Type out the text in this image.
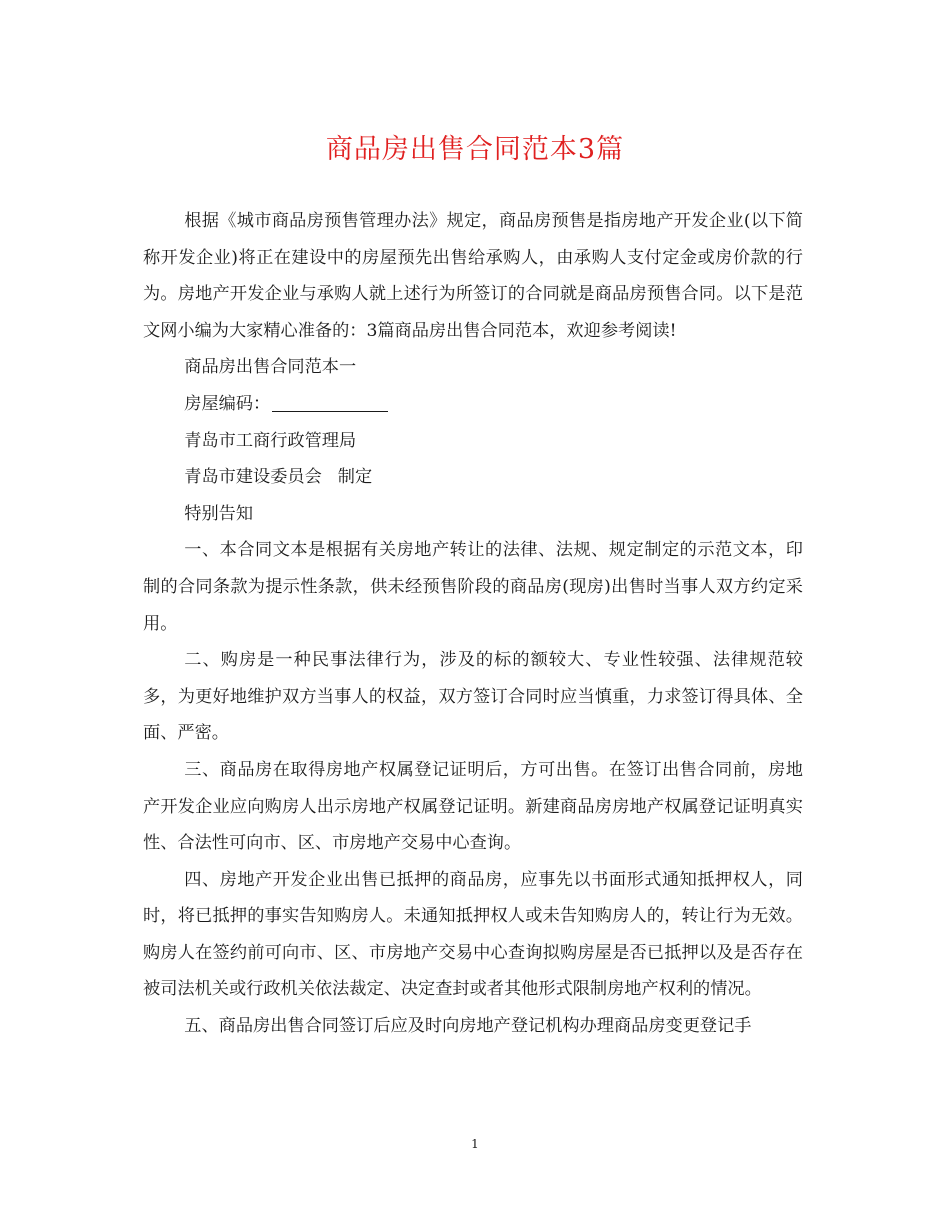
商品房出售合同范本3篇

根据《城市商品房预售管理办法》规定，商品房预售是指房地产开发企业(以下简称开发企业)将正在建设中的房屋预先出售给承购人，由承购人支付定金或房价款的行为。房地产开发企业与承购人就上述行为所签订的合同就是商品房预售合同。以下是范文网小编为大家精心准备的：3篇商品房出售合同范本，欢迎参考阅读!

商品房出售合同范本一

房屋编码：

青岛市工商行政管理局

青岛市建设委员会 制定

特别告知

一、本合同文本是根据有关房地产转让的法律、法规、规定制定的示范文本，印制的合同条款为提示性条款，供未经预售阶段的商品房(现房)出售时当事人双方约定采用。

二、购房是一种民事法律行为，涉及的标的额较大、专业性较强、法律规范较多，为更好地维护双方当事人的权益，双方签订合同时应当慎重，力求签订得具体、全面、严密。

三、商品房在取得房地产权属登记证明后，方可出售。在签订出售合同前，房地产开发企业应向购房人出示房地产权属登记证明。新建商品房房地产权属登记证明真实性、合法性可向市、区、市房地产交易中心查询。

四、房地产开发企业出售已抵押的商品房，应事先以书面形式通知抵押权人，同时，将已抵押的事实告知购房人。未通知抵押权人或未告知购房人的，转让行为无效。购房人在签约前可向市、区、市房地产交易中心查询拟购房屋是否已抵押以及是否存在被司法机关或行政机关依法裁定、决定查封或者其他形式限制房地产权利的情况。

五、商品房出售合同签订后应及时向房地产登记机构办理商品房变更登记手

1
